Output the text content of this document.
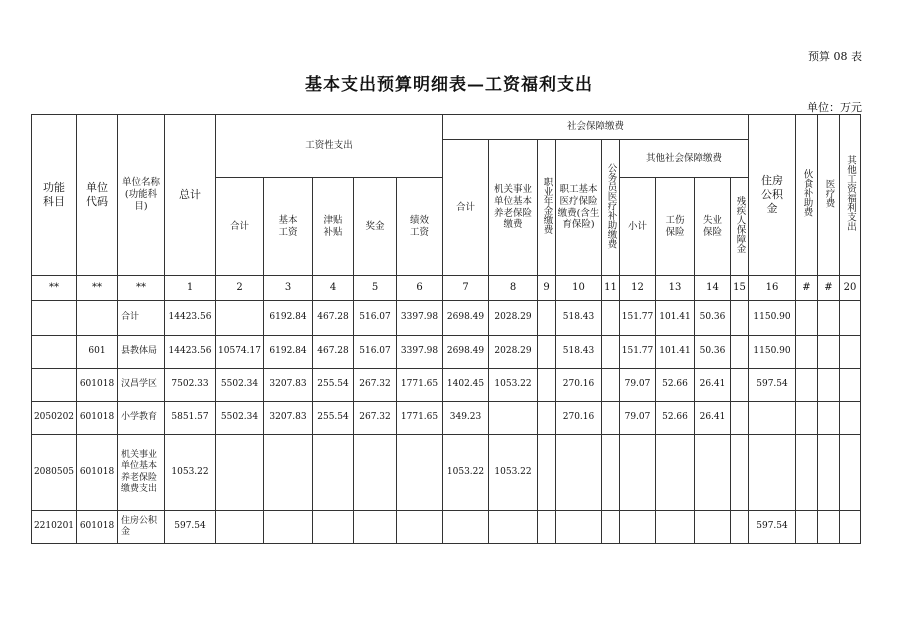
预算 08 表
基本支出预算明细表—工资福利支出
单位：万元
功能科目	单位代码	单位名称(功能科目)	总计	工资性支出					社会保障缴费									住房公积金	伙食补助费	医疗费	其他工资福利支出
									合计	机关事业单位基本养老保险缴费	职业年金缴费	职工基本医疗保险缴费(含生育保险)	公务员医疗补助缴费	其他社会保障缴费							
				合计	基本工资	津贴补贴	奖金	绩效工资						小计	工伤保险	失业保险	残疾人保障金				
**	**	**	1	2	3	4	5	6	7	8	9	10	11	12	13	14	15	16	#	#	20

		合计	14423.56		6192.84	467.28	516.07	3397.98	2698.49	2028.29		518.43		151.77	101.41	50.36		1150.90			
	601	县教体局	14423.56	10574.17	6192.84	467.28	516.07	3397.98	2698.49	2028.29		518.43		151.77	101.41	50.36		1150.90			
	601018	汉昌学区	7502.33	5502.34	3207.83	255.54	267.32	1771.65	1402.45	1053.22		270.16		79.07	52.66	26.41		597.54			
2050202	601018	小学教育	5851.57	5502.34	3207.83	255.54	267.32	1771.65	349.23			270.16		79.07	52.66	26.41					
2080505	601018	机关事业单位基本养老保险缴费支出	1053.22						1053.22	1053.22											
2210201	601018	住房公积金	597.54															597.54			
